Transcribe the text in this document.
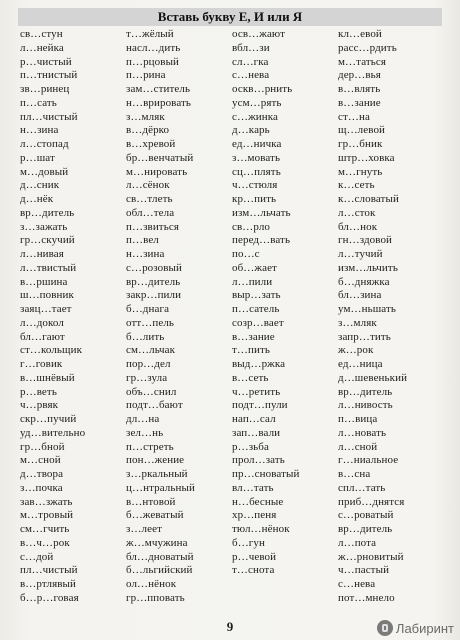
Вставь букву Е, И или Я
св…стун
л…нейка
р…чистый
п…тнистый
зв…ринец
п…сать
пл…чистый
н…зина
л…стопад
р…шат
м…довый
д…сник
д…нёк
вр…дитель
з…зажать
гр…скучий
л…нивая
л…твистый
в…ршина
ш…повник
заяц…тает
л…докол
бл…гают
ст…кольщик
г…говик
в…шнёвый
р…веть
ч…рвяк
скр…пучий
уд…вительно
гр…бной
м…сной
д…твора
з…почка
зав…зжать
м…тровый
см…гчить
в…ч…рок
с…дой
пл…чистый
в…ртлявый
б…р…говая
т…жёлый
насл…дить
п…рцовый
п…рина
зам…ститель
н…врировать
з…мляк
в…дёрко
в…хревой
бр…венчатый
м…нировать
л…сёнок
св…тлеть
обл…тела
п…звиться
п…вел
н…зина
с…розовый
вр…дитель
закр…пили
б…днага
отт…пель
б…лить
см…льчак
пор…дел
гр…зула
объ…снил
подт…бают
дл…на
зел…нь
п…стреть
пон…жение
з…ркальный
ц…нтральный
в…нтовой
б…жеватый
з…леет
ж…мчужина
бл…дноватый
б…льгийский
ол…нёнок
гр…пповать
осв…жают
вбл…зи
сл…гка
с…нева
оскв…рнить
усм…рять
с…жинка
д…карь
ед…ничка
з…мовать
сц…плять
ч…стюля
кр…пить
изм…льчать
св…рло
перед…вать
по…с
об…жает
л…пили
выр…зать
п…сатель
созр…вает
в…зание
т…пить
выд…ржка
в…сеть
ч…ретить
подт…пули
нап…сал
зап…вали
р…зьба
прол…зать
пр…сноватый
вл…тать
н…бесные
хр…пеня
тюл…нёнок
б…гун
р…чевой
т…снота
кл…евой
расс…рдить
м…таться
дер…вья
в…влять
в…зание
ст…на
щ…левой
гр…бник
штр…ховка
м…гнуть
к…сеть
к…словатый
л…сток
бл…нок
гн…здовой
л…тучий
изм…льчить
б…дняжка
бл…зина
ум…ньшать
з…мляк
запр…тить
ж…рок
ед…ница
д…шевенький
вр…дитель
л…нивость
п…вица
л…новать
л…сной
г…ниальное
в…сна
спл…тать
приб…днятся
с…роватый
вр…дитель
л…пота
ж…рновитый
ч…пастый
с…нева
пот…мнело
9	Лабиринт
